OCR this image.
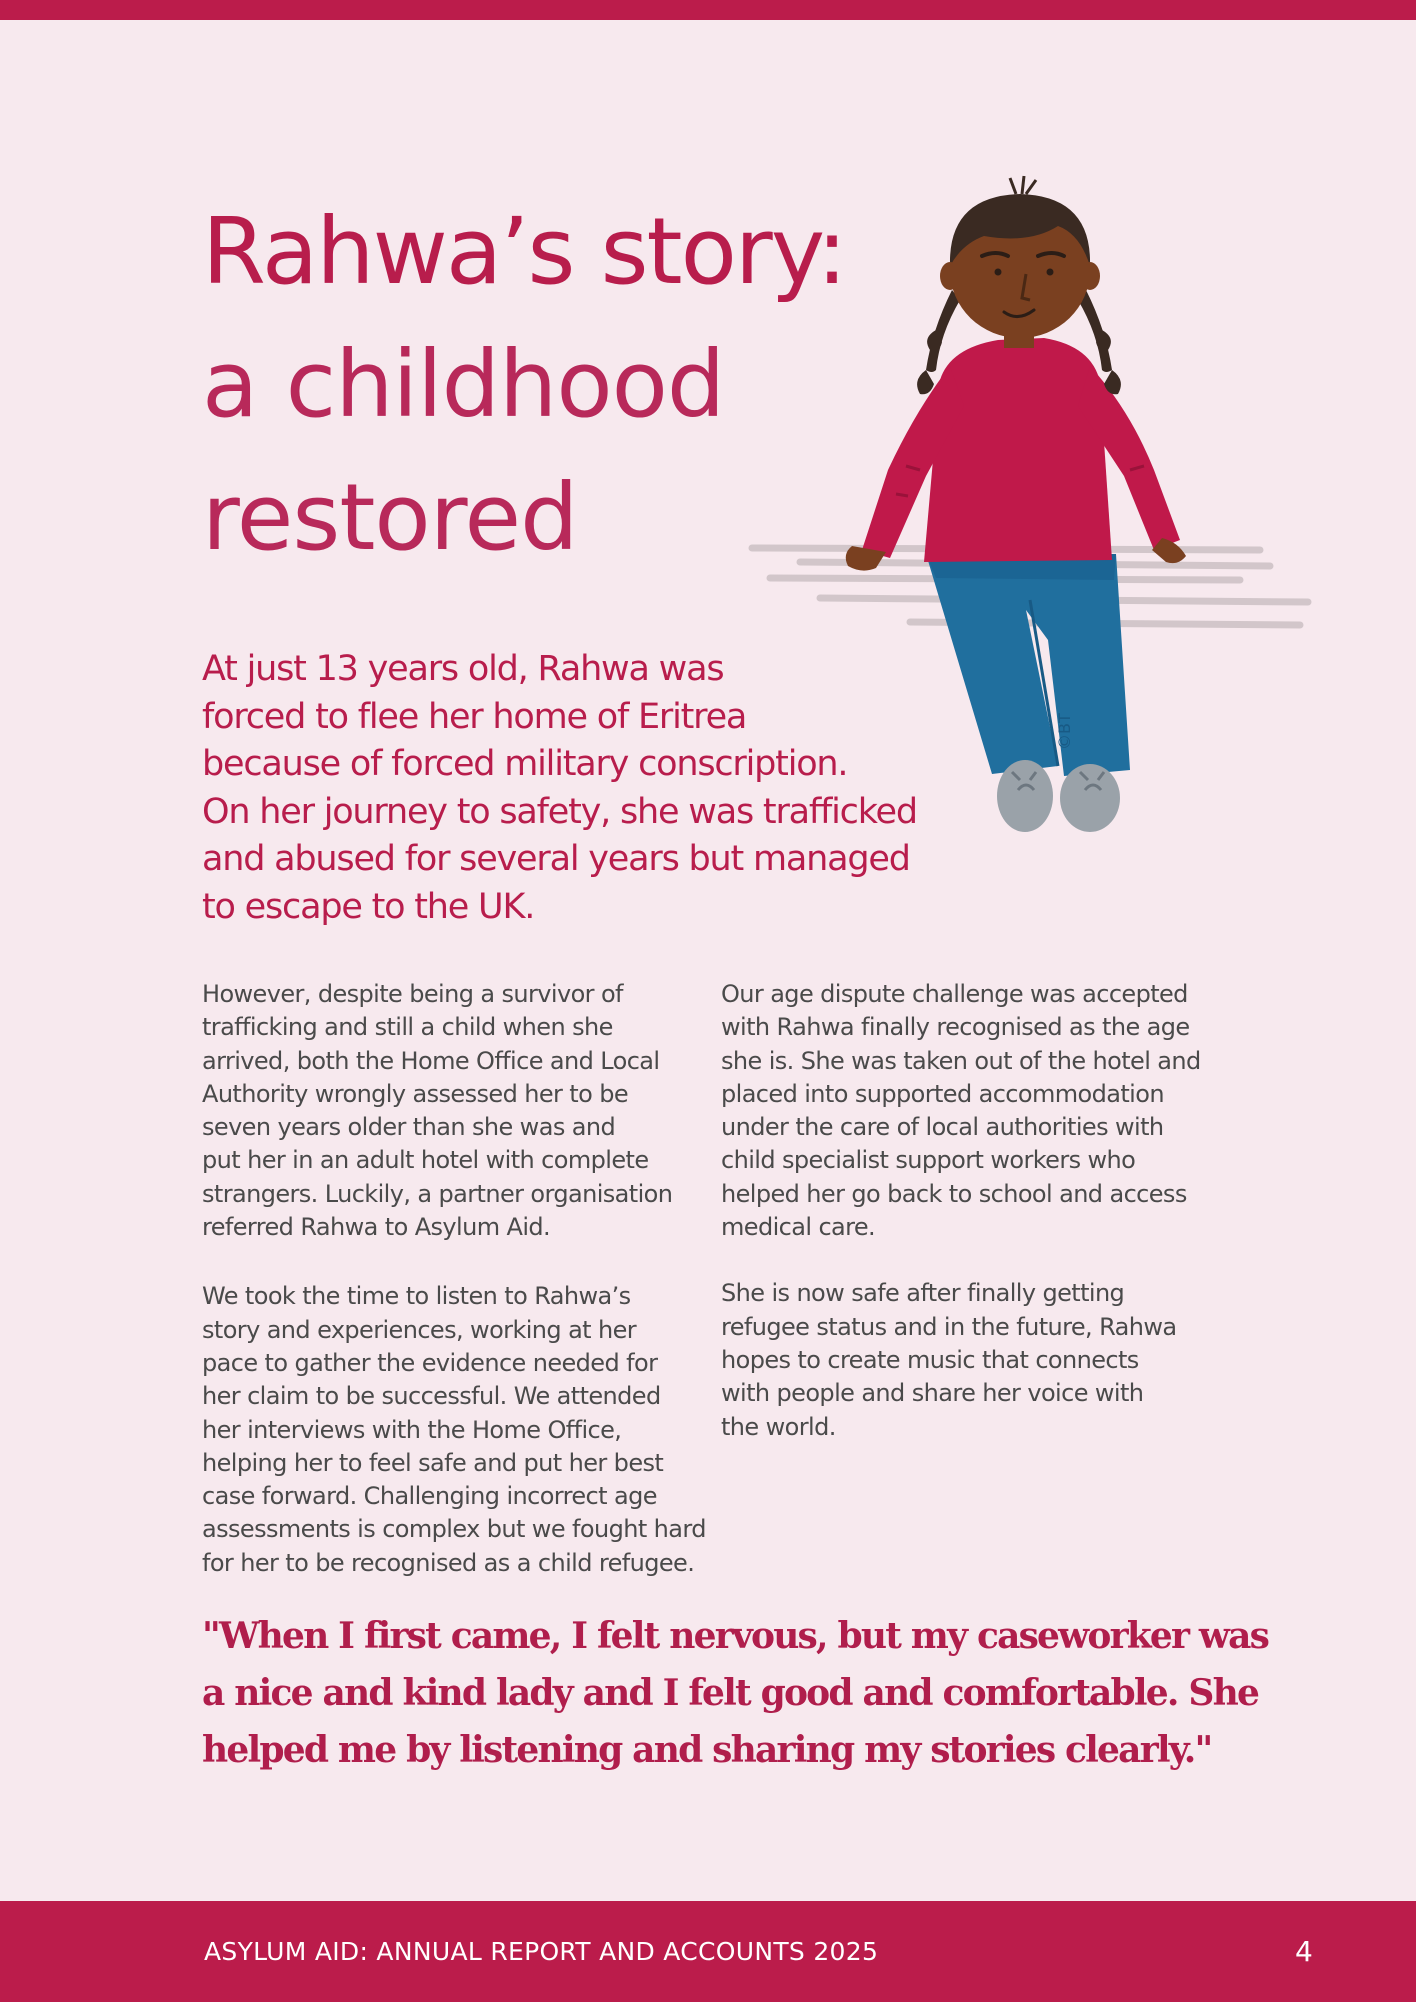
Rahwa’s story:
a childhood
restored
©BT

At just 13 years old, Rahwa was
forced to flee her home of Eritrea
because of forced military conscription.
On her journey to safety, she was trafficked
and abused for several years but managed
to escape to the UK.

However, despite being a survivor of
trafficking and still a child when she
arrived, both the Home Office and Local
Authority wrongly assessed her to be
seven years older than she was and
put her in an adult hotel with complete
strangers. Luckily, a partner organisation
referred Rahwa to Asylum Aid.

We took the time to listen to Rahwa’s
story and experiences, working at her
pace to gather the evidence needed for
her claim to be successful. We attended
her interviews with the Home Office,
helping her to feel safe and put her best
case forward. Challenging incorrect age
assessments is complex but we fought hard
for her to be recognised as a child refugee.

Our age dispute challenge was accepted
with Rahwa finally recognised as the age
she is. She was taken out of the hotel and
placed into supported accommodation
under the care of local authorities with
child specialist support workers who
helped her go back to school and access
medical care.

She is now safe after finally getting
refugee status and in the future, Rahwa
hopes to create music that connects
with people and share her voice with
the world.

"When I first came, I felt nervous, but my caseworker was
a nice and kind lady and I felt good and comfortable. She
helped me by listening and sharing my stories clearly."
ASYLUM AID: ANNUAL REPORT AND ACCOUNTS 2025	4
